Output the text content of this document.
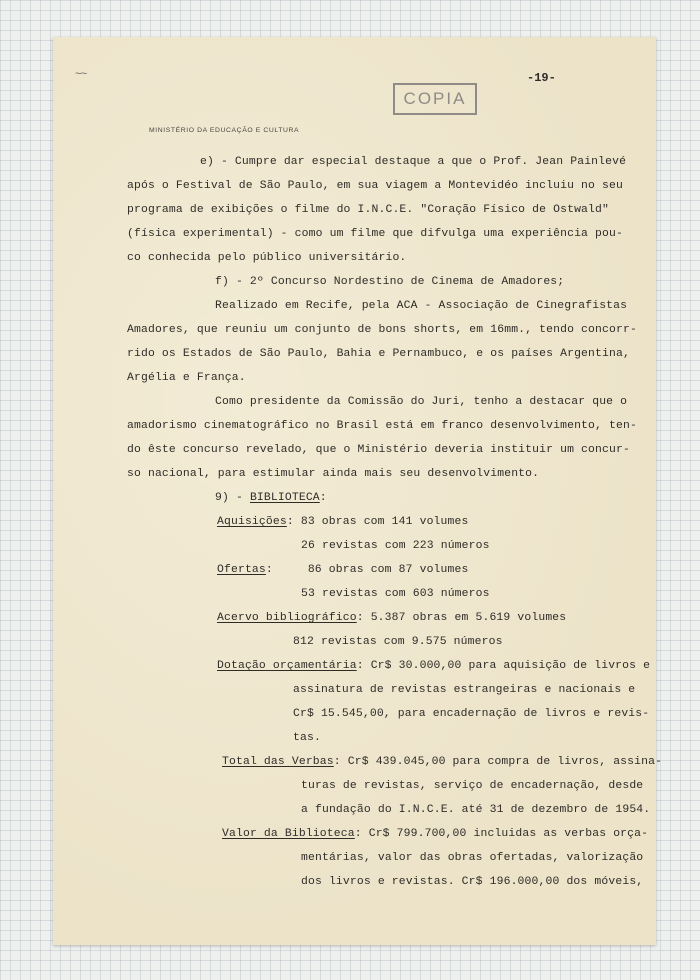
~~	-19-
COPIA
MINISTÉRIO DA EDUCAÇÃO E CULTURA
e) - Cumpre dar especial destaque a que o Prof. Jean Painlevé
após o Festival de São Paulo, em sua viagem a Montevidéo incluiu no seu
programa de exibições o filme do I.N.C.E. "Coração Físico de Ostwald"
(física experimental) - como um filme que difvulga uma experiência pou-
co conhecida pelo público universitário.
f) - 2º Concurso Nordestino de Cinema de Amadores;
Realizado em Recife, pela ACA - Associação de Cinegrafistas
Amadores, que reuniu um conjunto de bons shorts, em 16mm., tendo concorr-
rido os Estados de São Paulo, Bahia e Pernambuco, e os países Argentina,
Argélia e França.
Como presidente da Comissão do Juri, tenho a destacar que o
amadorismo cinematográfico no Brasil está em franco desenvolvimento, ten-
do êste concurso revelado, que o Ministério deveria instituir um concur-
so nacional, para estimular ainda mais seu desenvolvimento.
9) - BIBLIOTECA:
Aquisições: 83 obras com 141 volumes
26 revistas com 223 números
Ofertas:     86 obras com 87 volumes
53 revistas com 603 números
Acervo bibliográfico: 5.387 obras em 5.619 volumes
812 revistas com 9.575 números
Dotação orçamentária: Cr$ 30.000,00 para aquisição de livros e
assinatura de revistas estrangeiras e nacionais e
Cr$ 15.545,00, para encadernação de livros e revis-
tas.
Total das Verbas: Cr$ 439.045,00 para compra de livros, assina-
turas de revistas, serviço de encadernação, desde
a fundação do I.N.C.E. até 31 de dezembro de 1954.
Valor da Biblioteca: Cr$ 799.700,00 incluidas as verbas orça-
mentárias, valor das obras ofertadas, valorização
dos livros e revistas. Cr$ 196.000,00 dos móveis,
